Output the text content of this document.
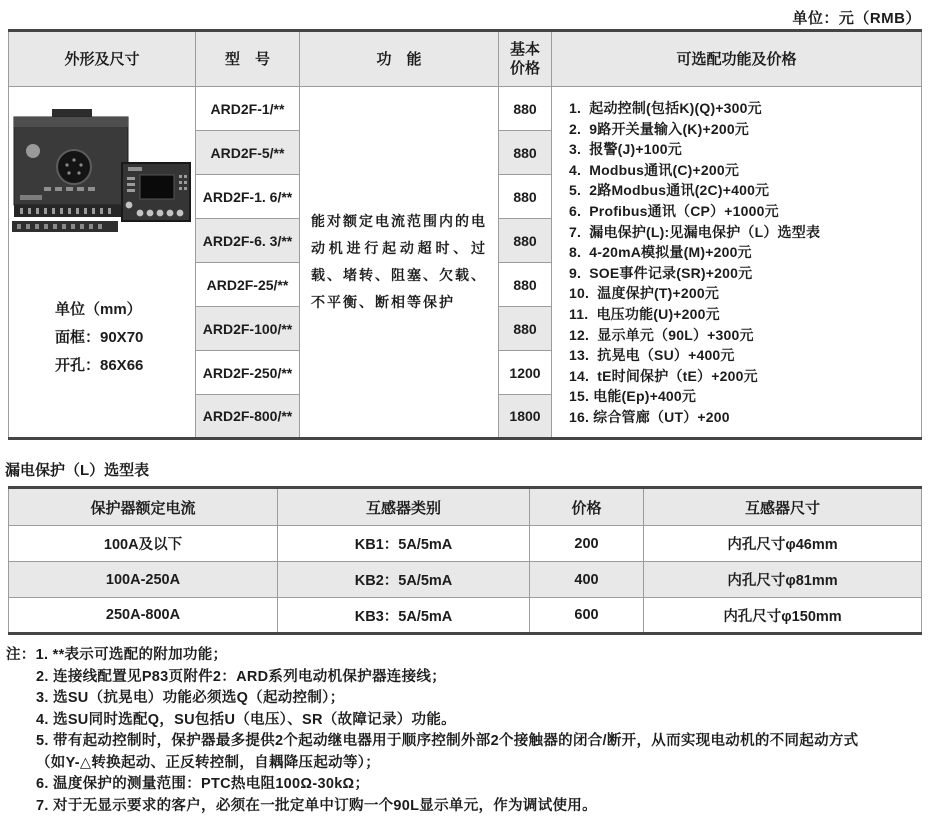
单位：元（RMB）
外形及尺寸	型　号	功　能	基本价格	可选配功能及价格

单位（mm）
面框：90X70
开孔：86X66
	ARD2F-1/**	能对额定电流范围内的电动机进行起动超时、过载、堵转、阻塞、欠载、不平衡、断相等保护	880	1.  起动控制(包括K)(Q)+300元
2.  9路开关量输入(K)+200元
3.  报警(J)+100元
4.  Modbus通讯(C)+200元
5.  2路Modbus通讯(2C)+400元
6.  Profibus通讯（CP）+1000元
7.  漏电保护(L):见漏电保护（L）选型表
8.  4-20mA模拟量(M)+200元
9.  SOE事件记录(SR)+200元
10.  温度保护(T)+200元
11.  电压功能(U)+200元
12.  显示单元（90L）+300元
13.  抗晃电（SU）+400元
14.  tE时间保护（tE）+200元
15. 电能(Ep)+400元
16. 综合管廊（UT）+200

	ARD2F-5/**		880	
	ARD2F-1. 6/**		880	
	ARD2F-6. 3/**		880	
	ARD2F-25/**		880	
	ARD2F-100/**		880	
	ARD2F-250/**		1200	
	ARD2F-800/**		1800	
漏电保护（L）选型表
保护器额定电流	互感器类别	价格	互感器尺寸
100A及以下	KB1：5A/5mA	200	内孔尺寸φ46mm
100A-250A	KB2：5A/5mA	400	内孔尺寸φ81mm
250A-800A	KB3：5A/5mA	600	内孔尺寸φ150mm
注：1. **表示可选配的附加功能；
2. 连接线配置见P83页附件2：ARD系列电动机保护器连接线；
3. 选SU（抗晃电）功能必须选Q（起动控制）；
4. 选SU同时选配Q，SU包括U（电压）、SR（故障记录）功能。
5. 带有起动控制时，保护器最多提供2个起动继电器用于顺序控制外部2个接触器的闭合/断开，从而实现电动机的不同起动方式
（如Y-△转换起动、正反转控制，自耦降压起动等）；
6. 温度保护的测量范围：PTC热电阻100Ω-30kΩ；
7. 对于无显示要求的客户，必须在一批定单中订购一个90L显示单元，作为调试使用。
